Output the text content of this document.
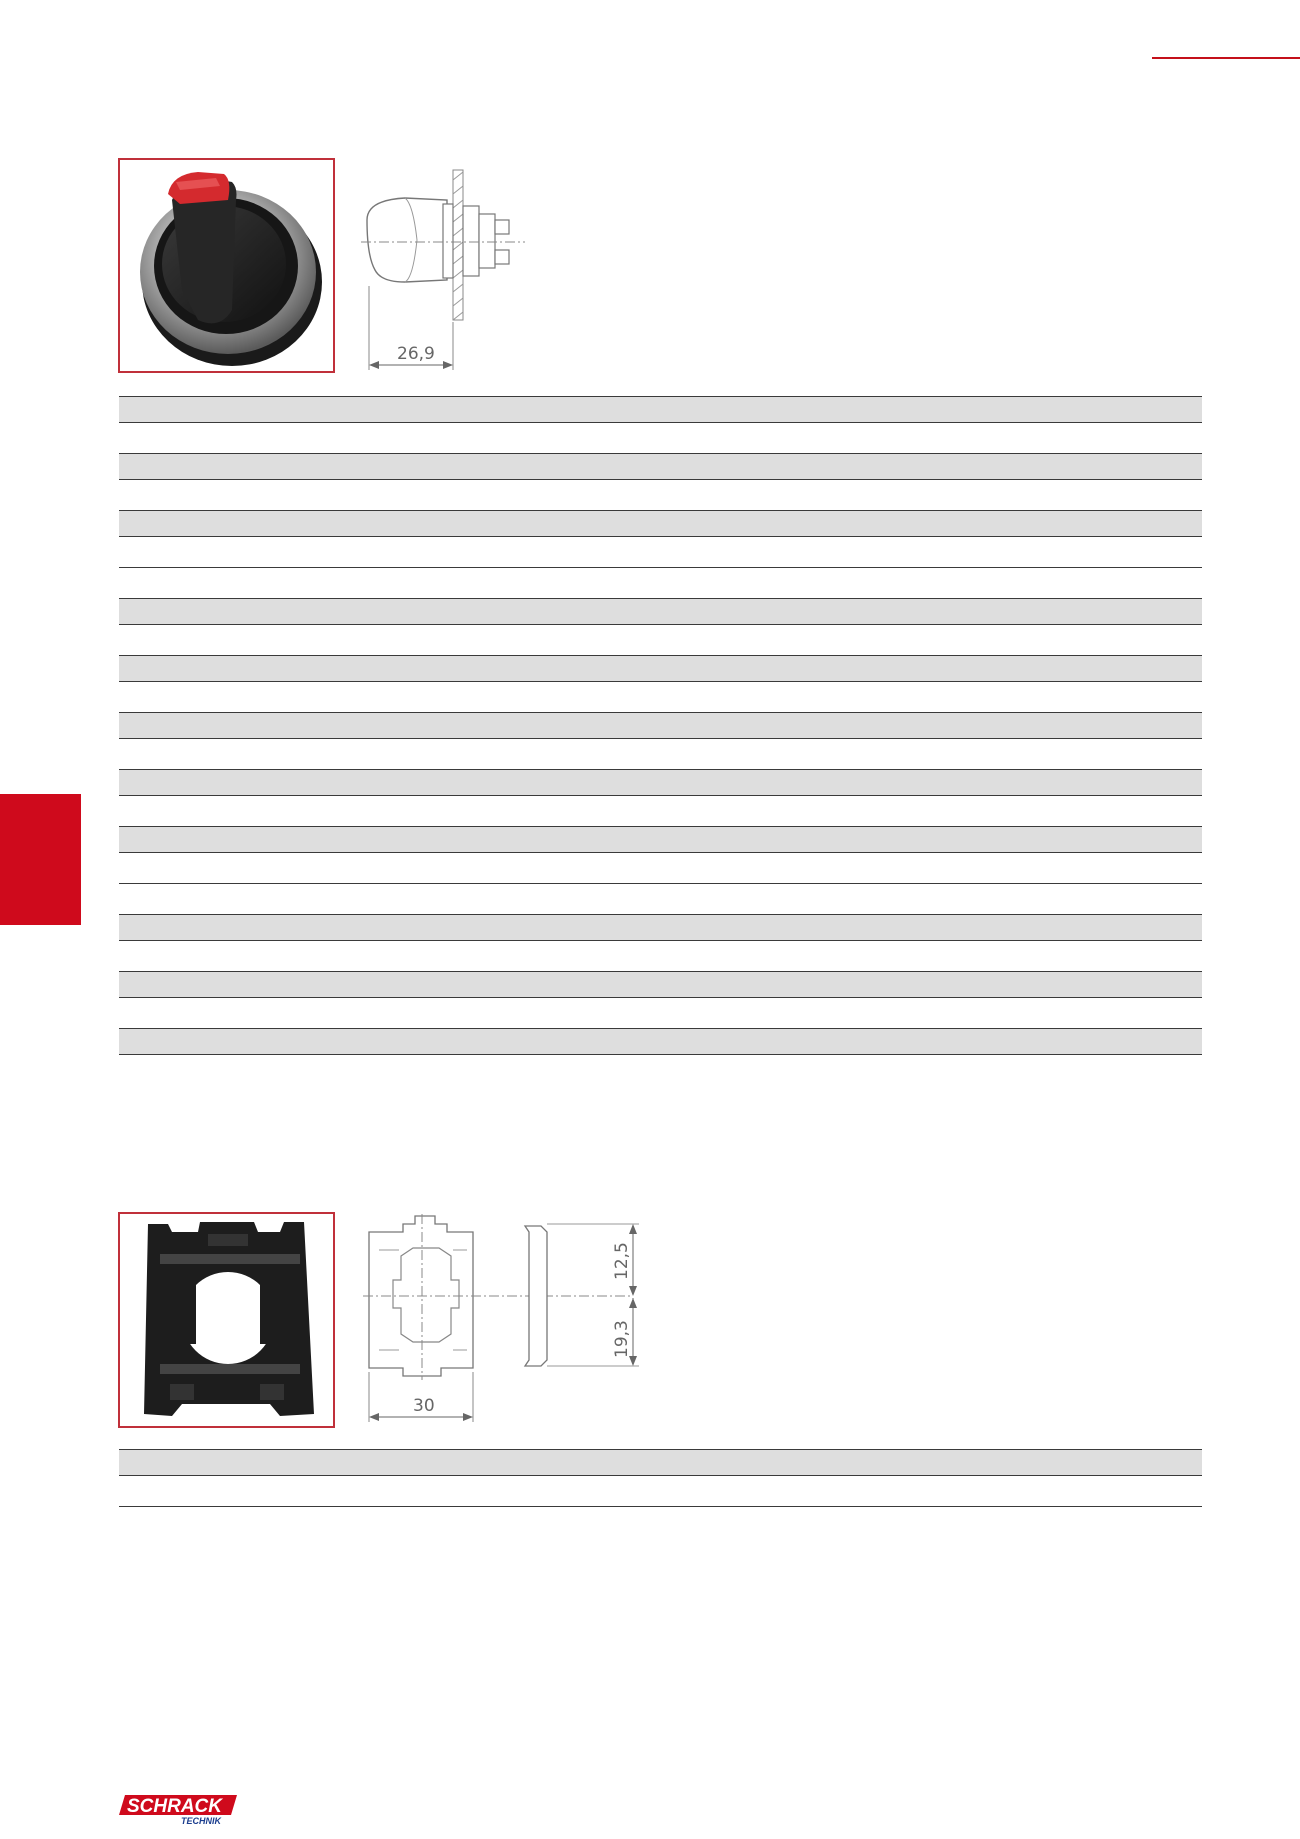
26,9
12,5
19,3
30
SCHRACK
TECHNIK
